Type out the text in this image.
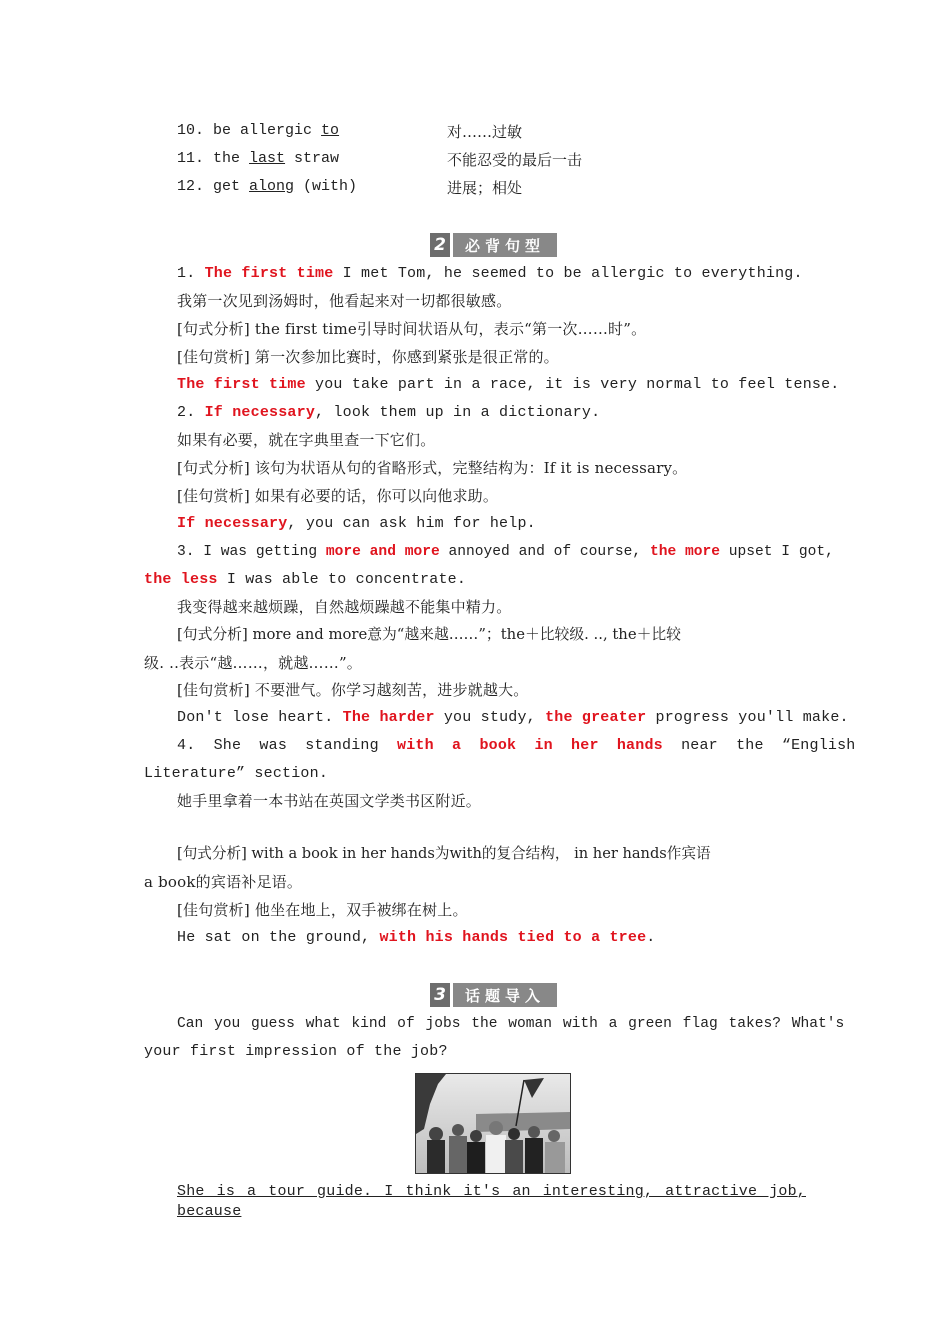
10. be allergic to	对……过敏
11. the last straw	不能忍受的最后一击
12. get along (with)	进展；相处
2	必背句型
1. The first time I met Tom, he seemed to be allergic to everything.
我第一次见到汤姆时，他看起来对一切都很敏感。
[句式分析] the first time引导时间状语从句，表示“第一次……时”。
[佳句赏析] 第一次参加比赛时，你感到紧张是很正常的。
The first time you take part in a race, it is very normal to feel tense.
2. If necessary, look them up in a dictionary.
如果有必要，就在字典里查一下它们。
[句式分析] 该句为状语从句的省略形式，完整结构为：If it is necessary。
[佳句赏析] 如果有必要的话，你可以向他求助。
If necessary, you can ask him for help.
3. I was getting more and more annoyed and of course, the more upset I got,
the less I was able to concentrate.
我变得越来越烦躁，自然越烦躁越不能集中精力。
[句式分析] more and more意为“越来越……”；the＋比较级. .., the＋比较
级. ..表示“越……，就越……”。
[佳句赏析] 不要泄气。你学习越刻苦，进步就越大。
Don't lose heart. The harder you study, the greater progress you'll make.
4. She was standing with a book in her hands near the “English
Literature” section.
她手里拿着一本书站在英国文学类书区附近。
[句式分析] with a book in her hands为with的复合结构， in her hands作宾语
a book的宾语补足语。
[佳句赏析] 他坐在地上，双手被绑在树上。
He sat on the ground, with his hands tied to a tree.
3	话题导入
Can you guess what kind of jobs the woman with a green flag takes? What's
your first impression of the job?
She is a tour guide. I think it's an interesting, attractive job, because
